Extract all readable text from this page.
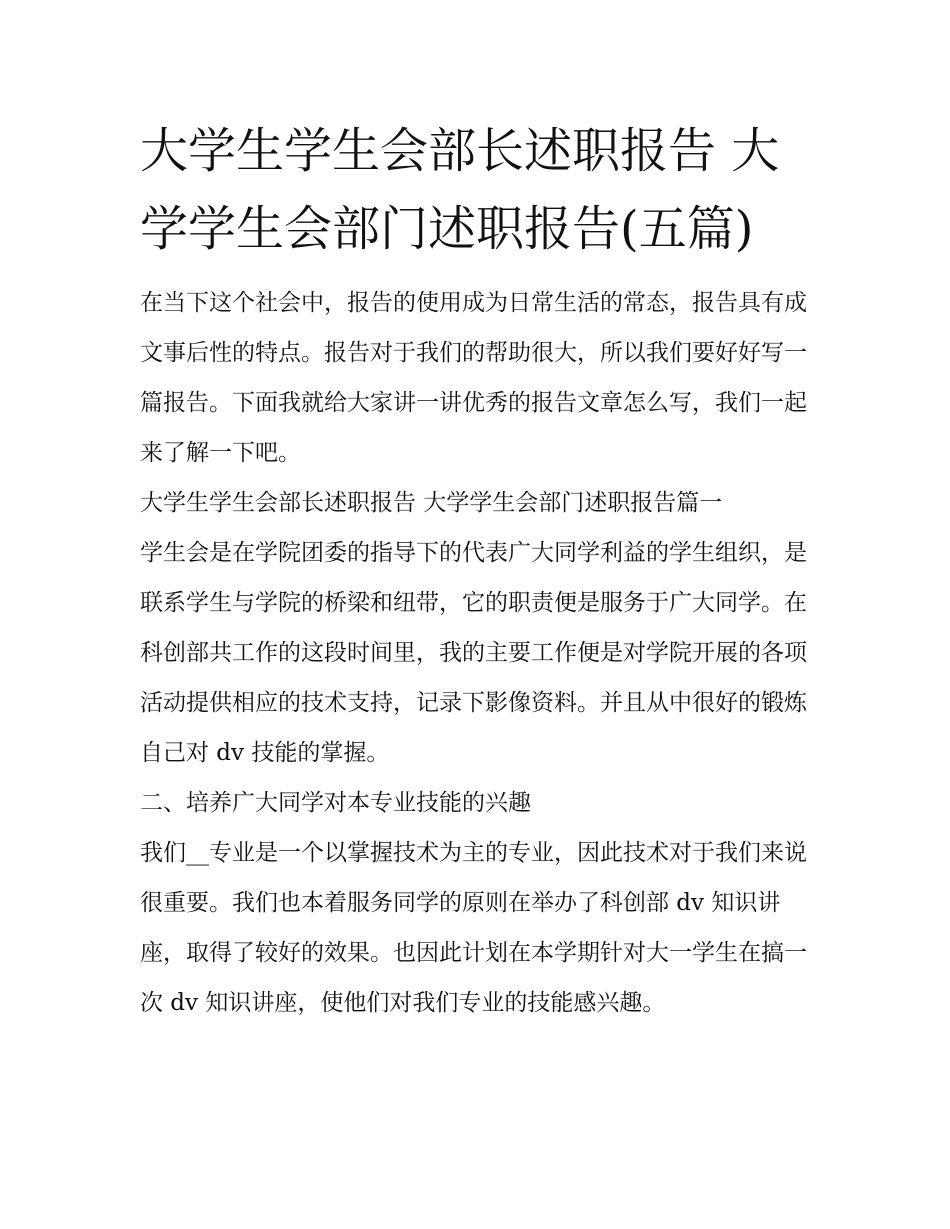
大学生学生会部长述职报告 大学学生会部门述职报告(五篇)

在当下这个社会中，报告的使用成为日常生活的常态，报告具有成文事后性的特点。报告对于我们的帮助很大，所以我们要好好写一篇报告。下面我就给大家讲一讲优秀的报告文章怎么写，我们一起来了解一下吧。

大学生学生会部长述职报告 大学学生会部门述职报告篇一

学生会是在学院团委的指导下的代表广大同学利益的学生组织，是联系学生与学院的桥梁和纽带，它的职责便是服务于广大同学。在科创部共工作的这段时间里，我的主要工作便是对学院开展的各项活动提供相应的技术支持，记录下影像资料。并且从中很好的锻炼自己对 dv 技能的掌握。

二、培养广大同学对本专业技能的兴趣

我们__专业是一个以掌握技术为主的专业，因此技术对于我们来说很重要。我们也本着服务同学的原则在举办了科创部 dv 知识讲座，取得了较好的效果。也因此计划在本学期针对大一学生在搞一次 dv 知识讲座，使他们对我们专业的技能感兴趣。
